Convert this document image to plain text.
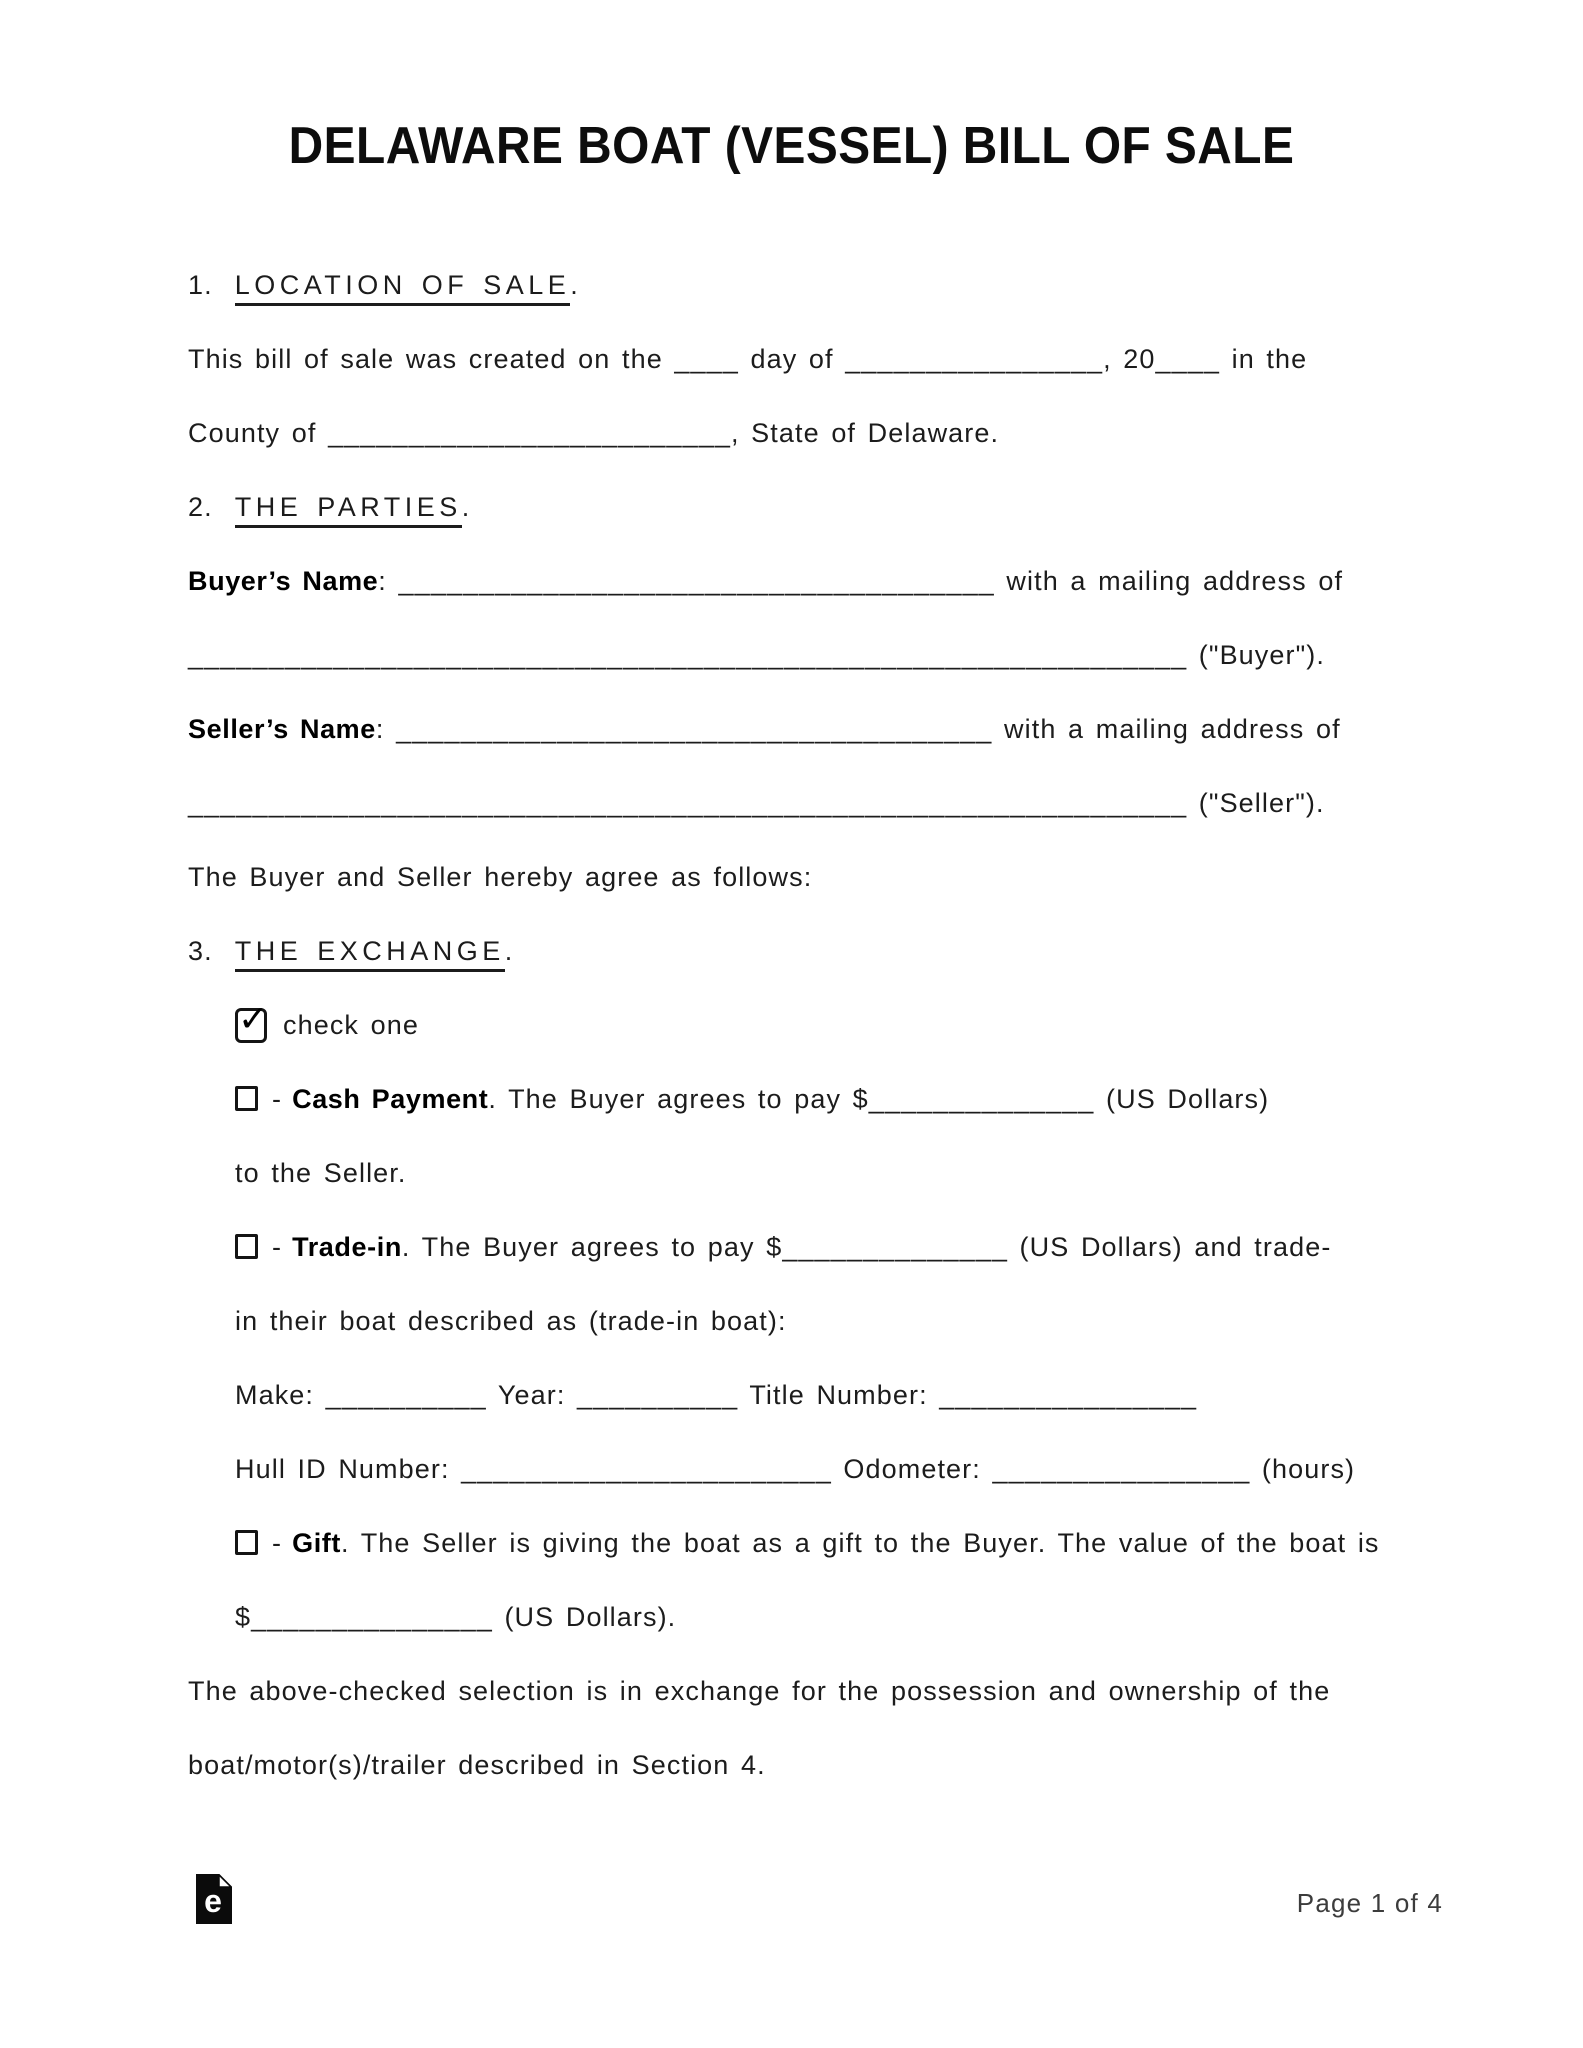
DELAWARE BOAT (VESSEL) BILL OF SALE
1. LOCATION OF SALE.
This bill of sale was created on the ____ day of ________________, 20____ in the
County of _________________________, State of Delaware.
2. THE PARTIES.
Buyer’s Name: _____________________________________ with a mailing address of
______________________________________________________________ ("Buyer").
Seller’s Name: _____________________________________ with a mailing address of
______________________________________________________________ ("Seller").
The Buyer and Seller hereby agree as follows:
3. THE EXCHANGE.
✓ check one
- Cash Payment. The Buyer agrees to pay $______________ (US Dollars)
to the Seller.
- Trade-in. The Buyer agrees to pay $______________ (US Dollars) and trade-
in their boat described as (trade-in boat):
Make: __________ Year: __________ Title Number: ________________
Hull ID Number: _______________________ Odometer: ________________ (hours)
- Gift. The Seller is giving the boat as a gift to the Buyer. The value of the boat is
$_______________ (US Dollars).
The above-checked selection is in exchange for the possession and ownership of the
boat/motor(s)/trailer described in Section 4.
e	Page 1 of 4
